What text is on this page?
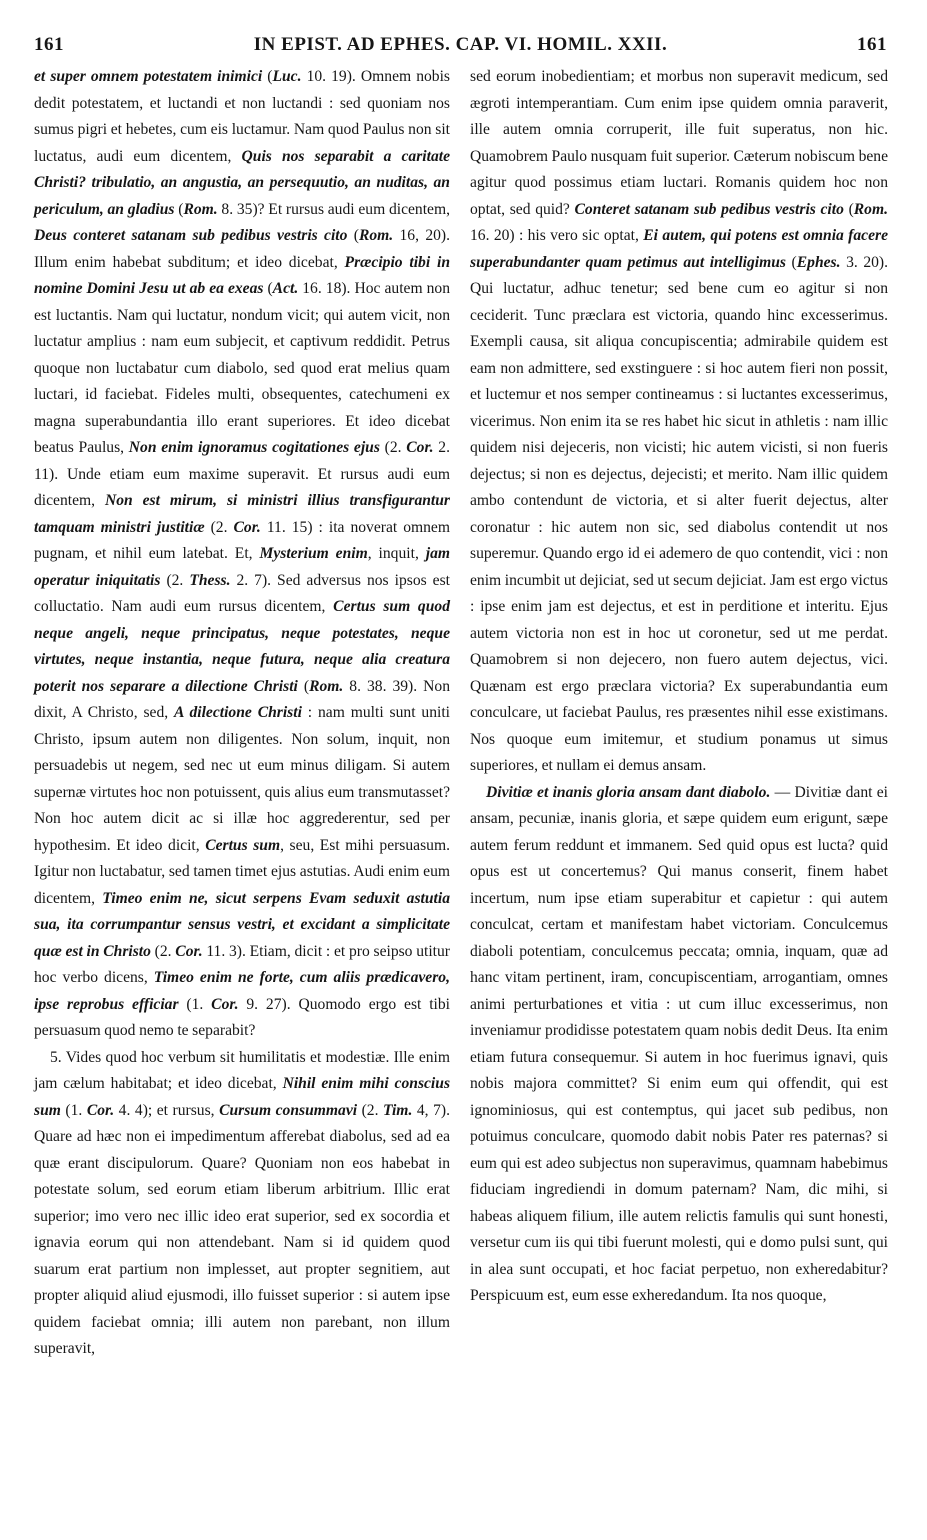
161	IN EPIST. AD EPHES. CAP. VI. HOMIL. XXII.	161

et super omnem potestatem inimici (Luc. 10. 19). Omnem nobis dedit potestatem, et luctandi et non luctandi : sed quoniam nos sumus pigri et hebetes, cum eis luctamur. Nam quod Paulus non sit luctatus, audi eum dicentem, Quis nos separabit a caritate Christi? tribulatio, an angustia, an persequutio, an nuditas, an periculum, an gladius (Rom. 8. 35)? Et rursus audi eum dicentem, Deus conteret satanam sub pedibus vestris cito (Rom. 16, 20). Illum enim habebat subditum; et ideo dicebat, Præcipio tibi in nomine Domini Jesu ut ab ea exeas (Act. 16. 18). Hoc autem non est luctantis. Nam qui luctatur, nondum vicit; qui autem vicit, non luctatur amplius : nam eum subjecit, et captivum reddidit. Petrus quoque non luctabatur cum diabolo, sed quod erat melius quam luctari, id faciebat. Fideles multi, obsequentes, catechumeni ex magna superabundantia illo erant superiores. Et ideo dicebat beatus Paulus, Non enim ignoramus cogitationes ejus (2. Cor. 2. 11). Unde etiam eum maxime superavit. Et rursus audi eum dicentem, Non est mirum, si ministri illius transfigurantur tamquam ministri justitiæ (2. Cor. 11. 15) : ita noverat omnem pugnam, et nihil eum latebat. Et, Mysterium enim, inquit, jam operatur iniquitatis (2. Thess. 2. 7). Sed adversus nos ipsos est colluctatio. Nam audi eum rursus dicentem, Certus sum quod neque angeli, neque principatus, neque potestates, neque virtutes, neque instantia, neque futura, neque alia creatura poterit nos separare a dilectione Christi (Rom. 8. 38. 39). Non dixit, A Christo, sed, A dilectione Christi : nam multi sunt uniti Christo, ipsum autem non diligentes. Non solum, inquit, non persuadebis ut negem, sed nec ut eum minus diligam. Si autem supernæ virtutes hoc non potuissent, quis alius eum transmutasset? Non hoc autem dicit ac si illæ hoc aggrederentur, sed per hypothesim. Et ideo dicit, Certus sum, seu, Est mihi persuasum. Igitur non luctabatur, sed tamen timet ejus astutias. Audi enim eum dicentem, Timeo enim ne, sicut serpens Evam seduxit astutia sua, ita corrumpantur sensus vestri, et excidant a simplicitate quæ est in Christo (2. Cor. 11. 3). Etiam, dicit : et pro seipso utitur hoc verbo dicens, Timeo enim ne forte, cum aliis prædicavero, ipse reprobus efficiar (1. Cor. 9. 27). Quomodo ergo est tibi persuasum quod nemo te separabit?

5. Vides quod hoc verbum sit humilitatis et modestiæ. Ille enim jam cælum habitabat; et ideo dicebat, Nihil enim mihi conscius sum (1. Cor. 4. 4); et rursus, Cursum consummavi (2. Tim. 4, 7). Quare ad hæc non ei impedimentum afferebat diabolus, sed ad ea quæ erant discipulorum. Quare? Quoniam non eos habebat in potestate solum, sed eorum etiam liberum arbitrium. Illic erat superior; imo vero nec illic ideo erat superior, sed ex socordia et ignavia eorum qui non attendebant. Nam si id quidem quod suarum erat partium non implesset, aut propter segnitiem, aut propter aliquid aliud ejusmodi, illo fuisset superior : si autem ipse quidem faciebat omnia; illi autem non parebant, non illum superavit,

sed eorum inobedientiam; et morbus non superavit medicum, sed ægroti intemperantiam. Cum enim ipse quidem omnia paraverit, ille autem omnia corruperit, ille fuit superatus, non hic. Quamobrem Paulo nusquam fuit superior. Cæterum nobiscum bene agitur quod possimus etiam luctari. Romanis quidem hoc non optat, sed quid? Conteret satanam sub pedibus vestris cito (Rom. 16. 20) : his vero sic optat, Ei autem, qui potens est omnia facere superabundanter quam petimus aut intelligimus (Ephes. 3. 20). Qui luctatur, adhuc tenetur; sed bene cum eo agitur si non ceciderit. Tunc præclara est victoria, quando hinc excesserimus. Exempli causa, sit aliqua concupiscentia; admirabile quidem est eam non admittere, sed exstinguere : si hoc autem fieri non possit, et luctemur et nos semper contineamus : si luctantes excesserimus, vicerimus. Non enim ita se res habet hic sicut in athletis : nam illic quidem nisi dejeceris, non vicisti; hic autem vicisti, si non fueris dejectus; si non es dejectus, dejecisti; et merito. Nam illic quidem ambo contendunt de victoria, et si alter fuerit dejectus, alter coronatur : hic autem non sic, sed diabolus contendit ut nos superemur. Quando ergo id ei ademero de quo contendit, vici : non enim incumbit ut dejiciat, sed ut secum dejiciat. Jam est ergo victus : ipse enim jam est dejectus, et est in perditione et interitu. Ejus autem victoria non est in hoc ut coronetur, sed ut me perdat. Quamobrem si non dejecero, non fuero autem dejectus, vici. Quænam est ergo præclara victoria? Ex superabundantia eum conculcare, ut faciebat Paulus, res præsentes nihil esse existimans. Nos quoque eum imitemur, et studium ponamus ut simus superiores, et nullam ei demus ansam.

Divitiæ et inanis gloria ansam dant diabolo. — Divitiæ dant ei ansam, pecuniæ, inanis gloria, et sæpe quidem eum erigunt, sæpe autem ferum reddunt et immanem. Sed quid opus est lucta? quid opus est ut concertemus? Qui manus conserit, finem habet incertum, num ipse etiam superabitur et capietur : qui autem conculcat, certam et manifestam habet victoriam. Conculcemus diaboli potentiam, conculcemus peccata; omnia, inquam, quæ ad hanc vitam pertinent, iram, concupiscentiam, arrogantiam, omnes animi perturbationes et vitia : ut cum illuc excesserimus, non inveniamur prodidisse potestatem quam nobis dedit Deus. Ita enim etiam futura consequemur. Si autem in hoc fuerimus ignavi, quis nobis majora committet? Si enim eum qui offendit, qui est ignominiosus, qui est contemptus, qui jacet sub pedibus, non potuimus conculcare, quomodo dabit nobis Pater res paternas? si eum qui est adeo subjectus non superavimus, quamnam habebimus fiduciam ingrediendi in domum paternam? Nam, dic mihi, si habeas aliquem filium, ille autem relictis famulis qui sunt honesti, versetur cum iis qui tibi fuerunt molesti, qui e domo pulsi sunt, qui in alea sunt occupati, et hoc faciat perpetuo, non exheredabitur? Perspicuum est, eum esse exheredandum. Ita nos quoque,
